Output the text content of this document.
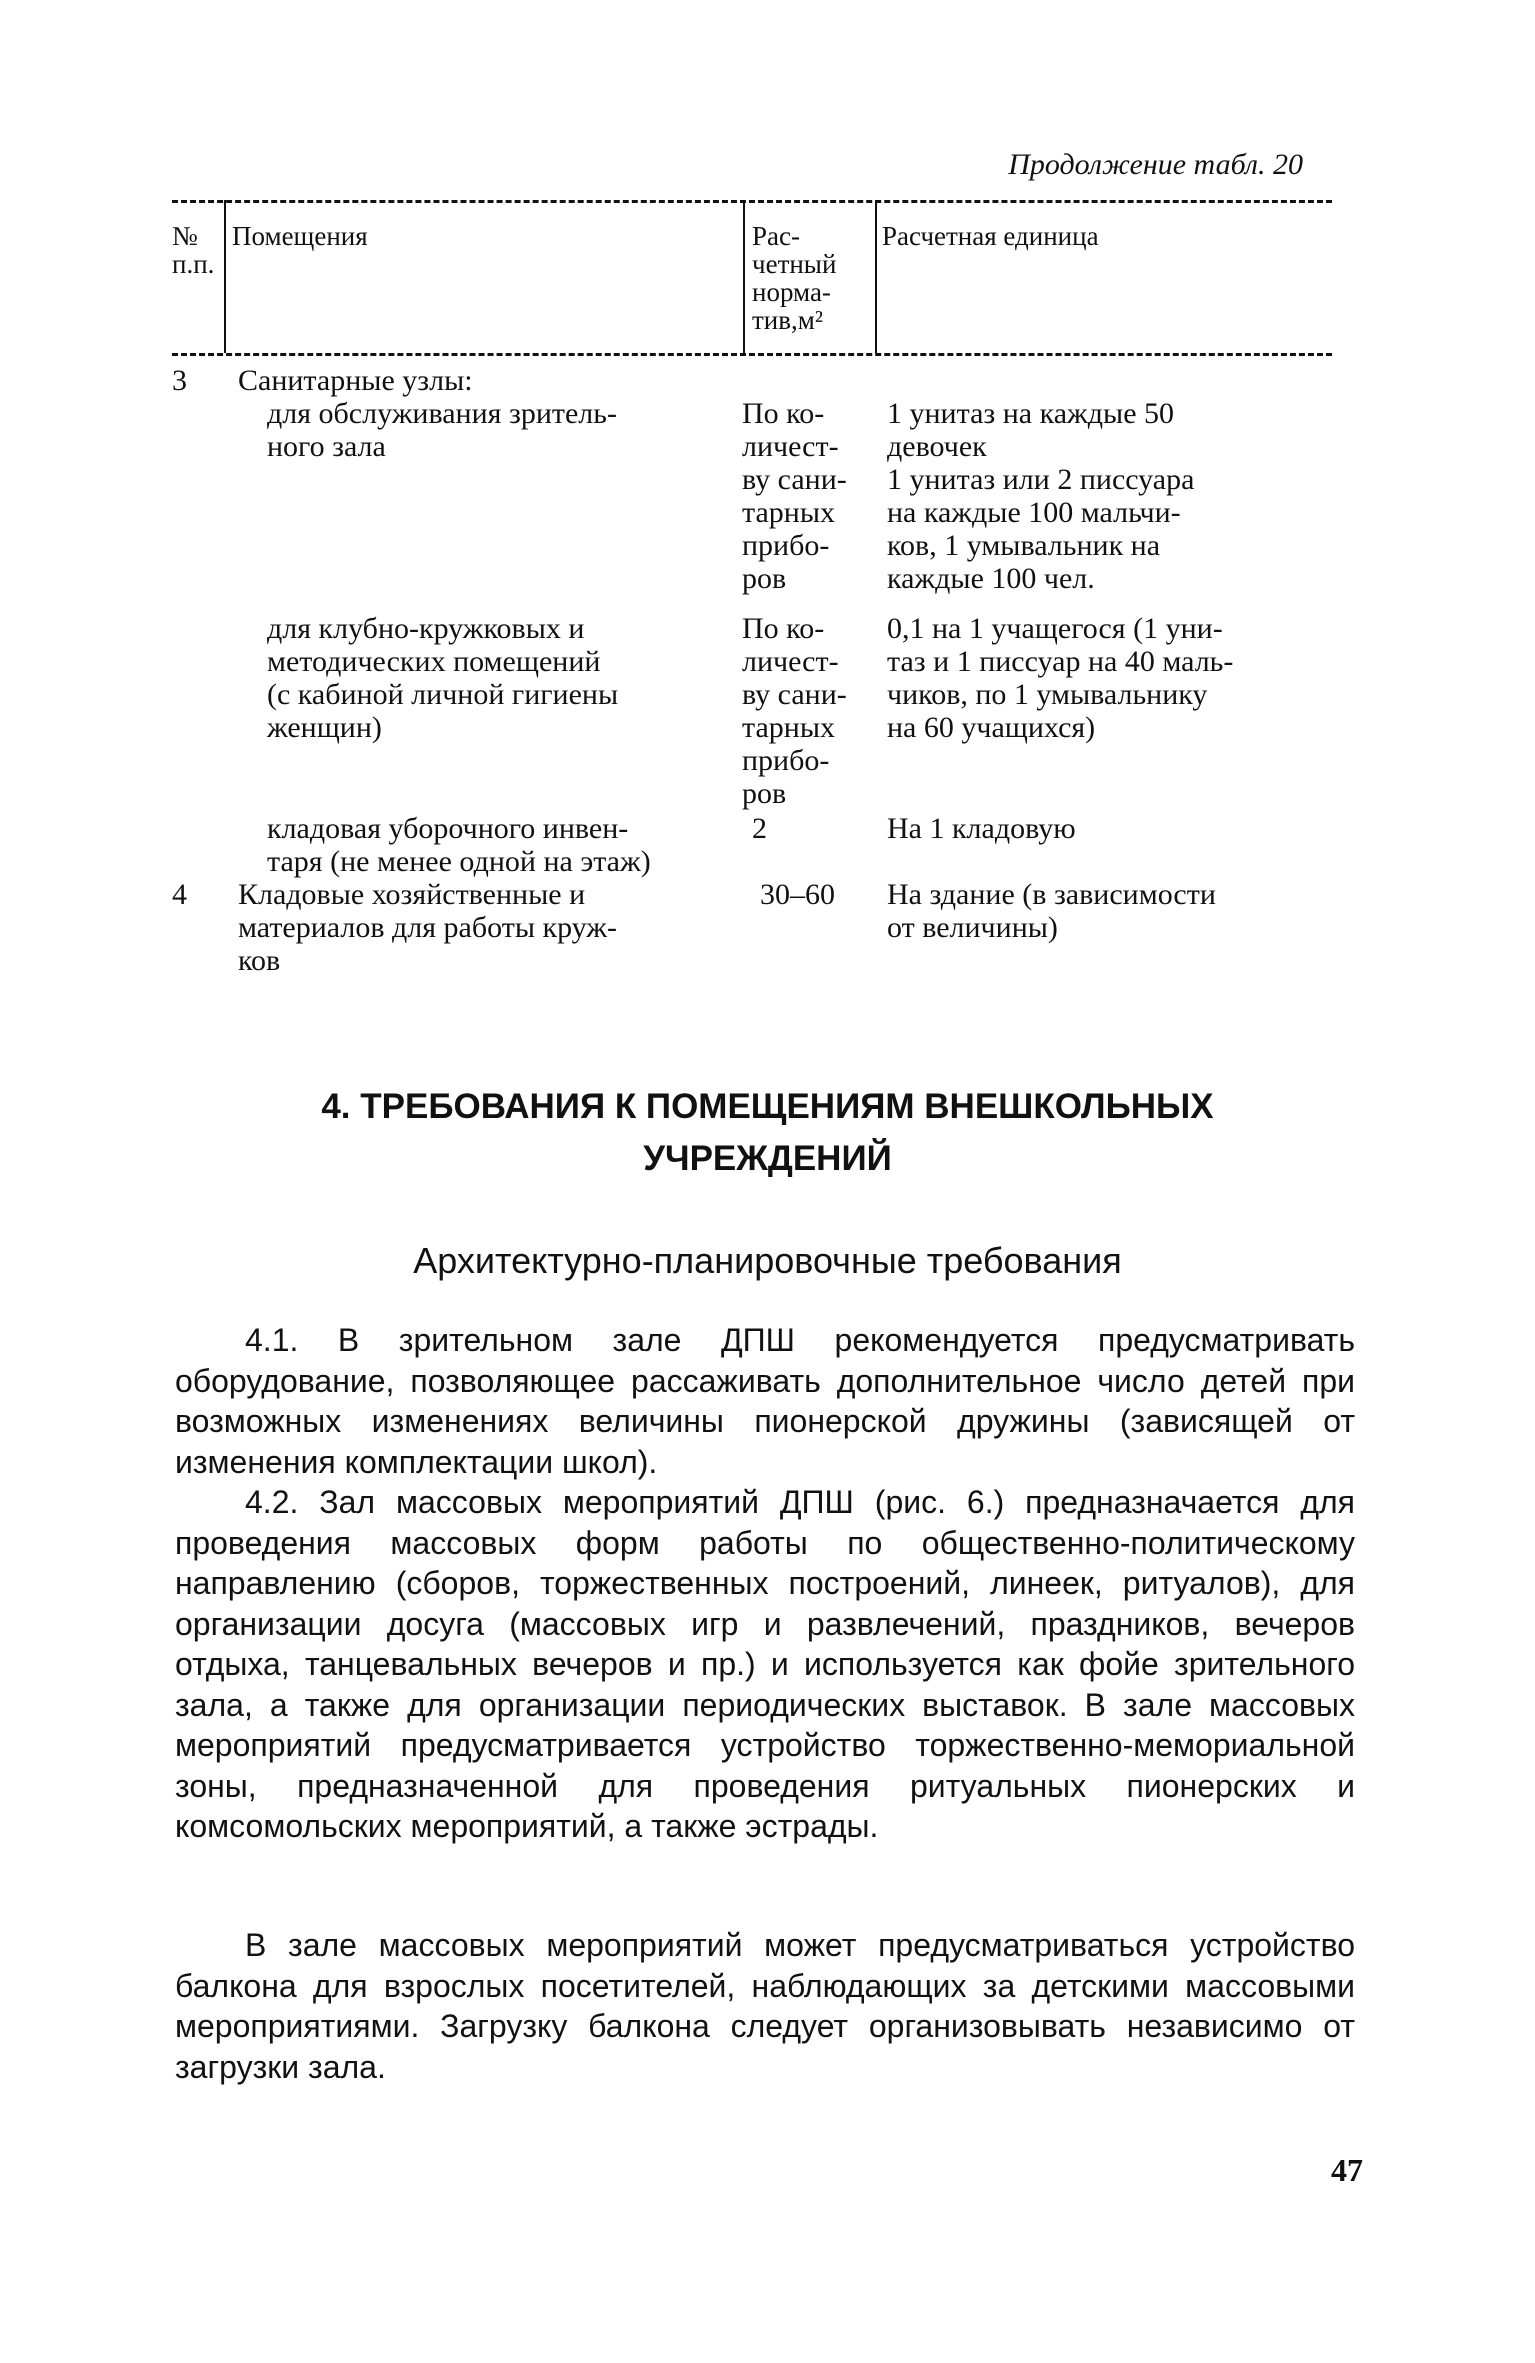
Продолжение табл. 20
№
п.п.
Помещения	Рас-
четный
норма-
тив,м²
Расчетная единица
3 Санитарные узлы:
для обслуживания зритель-
ного зала
По ко-
личест-
ву сани-
тарных
прибо-
ров
1 унитаз на каждые 50
девочек
1 унитаз или 2 писсуара
на каждые 100 мальчи-
ков, 1 умывальник на
каждые 100 чел.
для клубно-кружковых и
методических помещений
(с кабиной личной гигиены
женщин)
По ко-
личест-
ву сани-
тарных
прибо-
ров
0,1 на 1 учащегося (1 уни-
таз и 1 писсуар на 40 маль-
чиков, по 1 умывальнику
на 60 учащихся)
кладовая уборочного инвен-
таря (не менее одной на этаж)
2	На 1 кладовую
4 Кладовые хозяйственные и
материалов для работы круж-
ков
30–60 На здание (в зависимости
от величины)
4. ТРЕБОВАНИЯ К ПОМЕЩЕНИЯМ ВНЕШКОЛЬНЫХ
УЧРЕЖДЕНИЙ
Архитектурно-планировочные требования
4.1. В зрительном зале ДПШ рекомендуется предусматривать оборудование, позволяющее рассаживать дополнительное число детей при возможных изменениях величины пионерской дружины (зависящей от изменения комплектации школ).
4.2. Зал массовых мероприятий ДПШ (рис. 6.) предназначается для проведения массовых форм работы по общественно-политическому направлению (сборов, торжественных построений, линеек, ритуалов), для организации досуга (массовых игр и развлечений, праздников, вечеров отдыха, танцевальных вечеров и пр.) и используется как фойе зрительного зала, а также для организации периодических выставок. В зале массовых мероприятий предусматривается устройство торжественно-мемориальной зоны, предназначенной для проведения ритуальных пионерских и комсомольских мероприятий, а также эстрады.
В зале массовых мероприятий может предусматриваться устройство балкона для взрослых посетителей, наблюдающих за детскими массовыми мероприятиями. Загрузку балкона следует организовывать независимо от загрузки зала.
47
